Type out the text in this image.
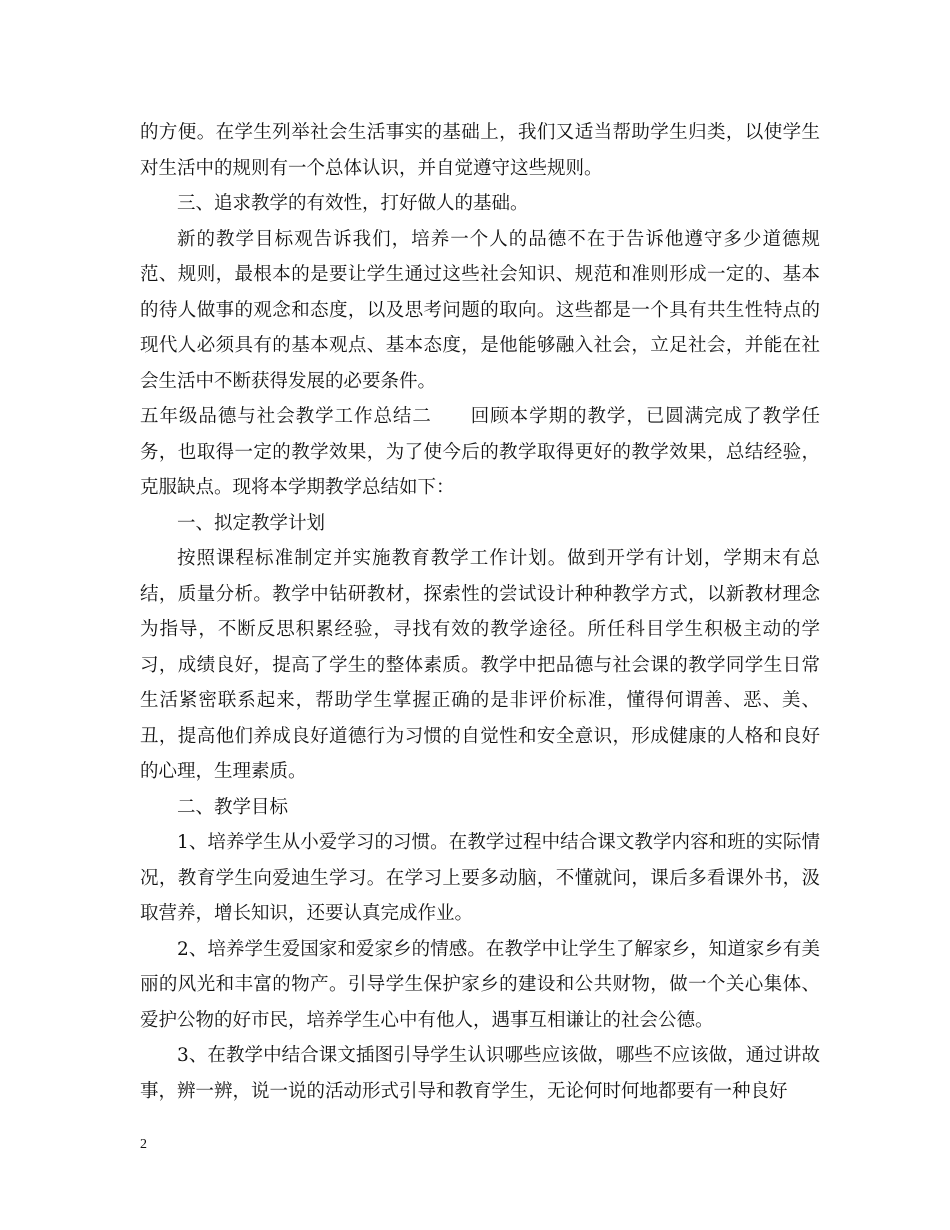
的方便。在学生列举社会生活事实的基础上，我们又适当帮助学生归类，以使学生对生活中的规则有一个总体认识，并自觉遵守这些规则。

三、追求教学的有效性，打好做人的基础。

新的教学目标观告诉我们，培养一个人的品德不在于告诉他遵守多少道德规范、规则，最根本的是要让学生通过这些社会知识、规范和准则形成一定的、基本的待人做事的观念和态度，以及思考问题的取向。这些都是一个具有共生性特点的现代人必须具有的基本观点、基本态度，是他能够融入社会，立足社会，并能在社会生活中不断获得发展的必要条件。

五年级品德与社会教学工作总结二　　回顾本学期的教学，已圆满完成了教学任务，也取得一定的教学效果，为了使今后的教学取得更好的教学效果，总结经验，克服缺点。现将本学期教学总结如下：

一、拟定教学计划

按照课程标准制定并实施教育教学工作计划。做到开学有计划，学期末有总结，质量分析。教学中钻研教材，探索性的尝试设计种种教学方式，以新教材理念为指导，不断反思积累经验，寻找有效的教学途径。所任科目学生积极主动的学习，成绩良好，提高了学生的整体素质。教学中把品德与社会课的教学同学生日常生活紧密联系起来，帮助学生掌握正确的是非评价标准，懂得何谓善、恶、美、丑，提高他们养成良好道德行为习惯的自觉性和安全意识，形成健康的人格和良好的心理，生理素质。

二、教学目标

1、培养学生从小爱学习的习惯。在教学过程中结合课文教学内容和班的实际情况，教育学生向爱迪生学习。在学习上要多动脑，不懂就问，课后多看课外书，汲取营养，增长知识，还要认真完成作业。

2、培养学生爱国家和爱家乡的情感。在教学中让学生了解家乡，知道家乡有美丽的风光和丰富的物产。引导学生保护家乡的建设和公共财物，做一个关心集体、爱护公物的好市民，培养学生心中有他人，遇事互相谦让的社会公德。

3、在教学中结合课文插图引导学生认识哪些应该做，哪些不应该做，通过讲故事，辨一辨，说一说的活动形式引导和教育学生，无论何时何地都要有一种良好

2
